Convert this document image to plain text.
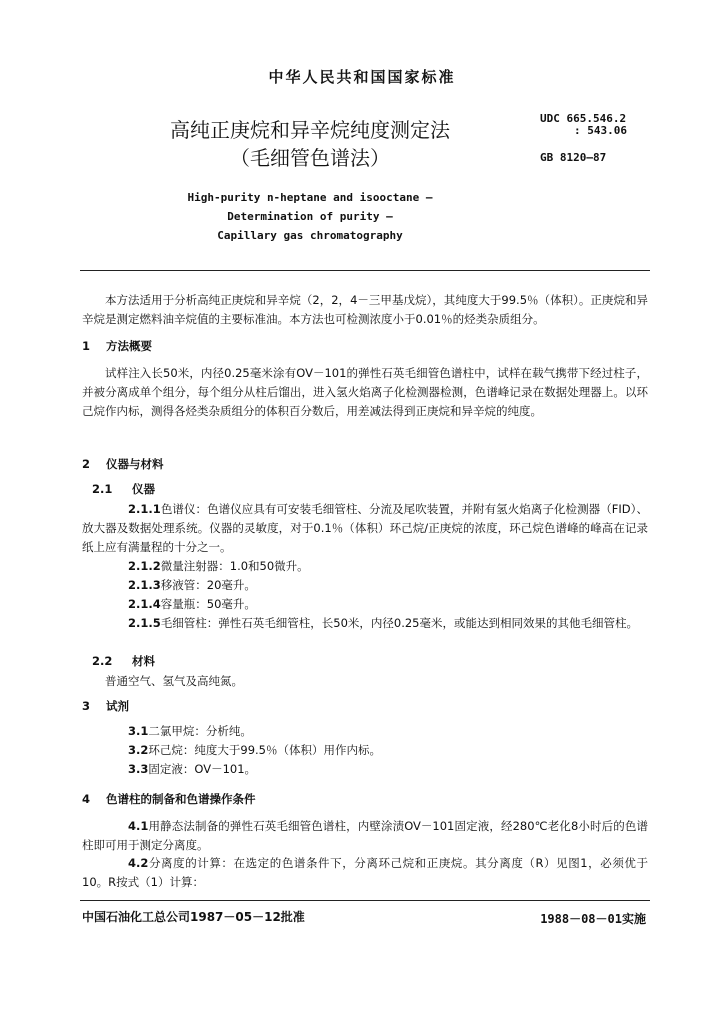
中华人民共和国国家标准
高纯正庚烷和异辛烷纯度测定法
（毛细管色谱法）
UDC 665.546.2
: 543.06
GB 8120—87
High-purity n-heptane and isooctane —
Determination of purity —
Capillary gas chromatography
本方法适用于分析高纯正庚烷和异辛烷（2，2，4－三甲基戊烷），其纯度大于99.5％（体积）。正庚烷和异辛烷是测定燃料油辛烷值的主要标准油。本方法也可检测浓度小于0.01％的烃类杂质组分。
1 方法概要
试样注入长50米，内径0.25毫米涂有OV－101的弹性石英毛细管色谱柱中，试样在载气携带下经过柱子，并被分离成单个组分，每个组分从柱后馏出，进入氢火焰离子化检测器检测，色谱峰记录在数据处理器上。以环己烷作内标，测得各烃类杂质组分的体积百分数后，用差减法得到正庚烷和异辛烷的纯度。
2 仪器与材料
2.1 仪器
2.1.1色谱仪：色谱仪应具有可安装毛细管柱、分流及尾吹装置，并附有氢火焰离子化检测器（FID）、放大器及数据处理系统。仪器的灵敏度，对于0.1％（体积）环己烷/正庚烷的浓度，环己烷色谱峰的峰高在记录纸上应有满量程的十分之一。
2.1.2微量注射器：1.0和50微升。
2.1.3移液管：20毫升。
2.1.4容量瓶：50毫升。
2.1.5毛细管柱：弹性石英毛细管柱，长50米，内径0.25毫米，或能达到相同效果的其他毛细管柱。
2.2 材料
普通空气、氢气及高纯氮。
3 试剂
3.1二氯甲烷：分析纯。
3.2环己烷：纯度大于99.5％（体积）用作内标。
3.3固定液：OV－101。
4 色谱柱的制备和色谱操作条件
4.1用静态法制备的弹性石英毛细管色谱柱，内壁涂渍OV－101固定液，经280℃老化8小时后的色谱柱即可用于测定分离度。
4.2分离度的计算：在选定的色谱条件下，分离环己烷和正庚烷。其分离度（R）见图1，必须优于10。R按式（1）计算：
中国石油化工总公司1987－05－12批准	1988－08－01实施
